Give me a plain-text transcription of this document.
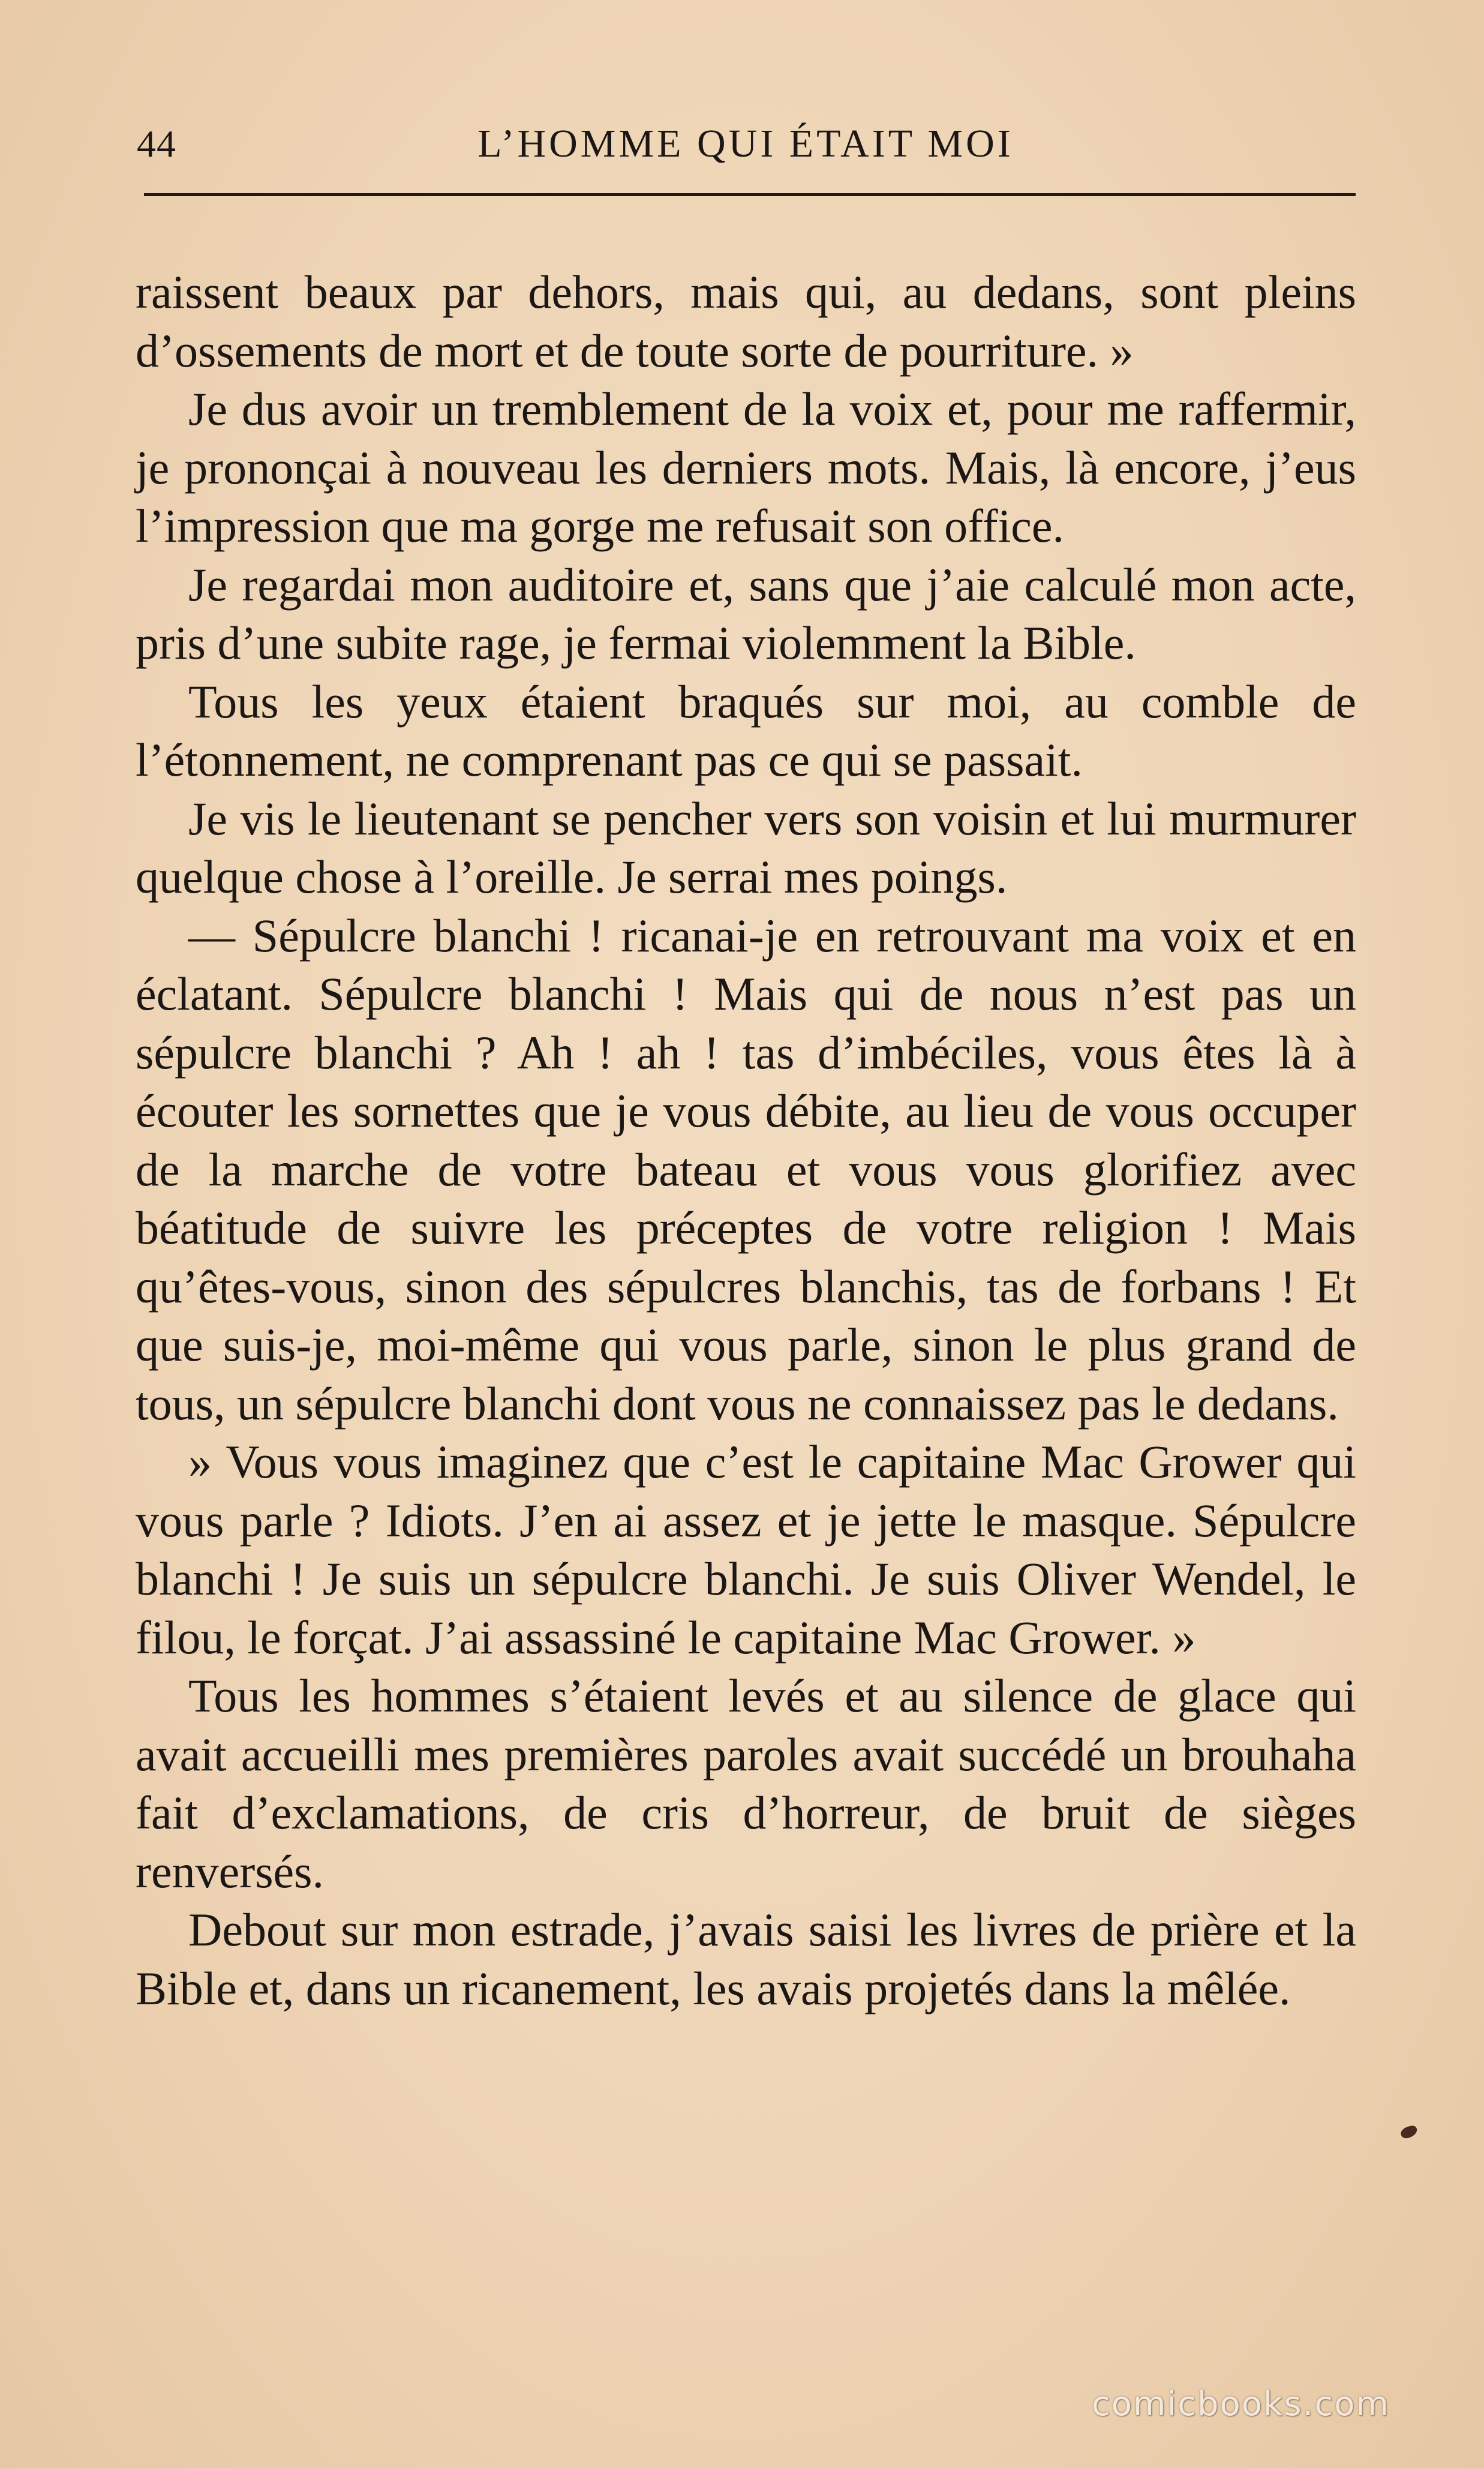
44	L’HOMME QUI ÉTAIT MOI

raissent beaux par dehors, mais qui, au dedans, sont pleins d’ossements de mort et de toute sorte de pourriture. »

Je dus avoir un tremblement de la voix et, pour me raffermir, je prononçai à nouveau les derniers mots. Mais, là encore, j’eus l’impression que ma gorge me refusait son office.

Je regardai mon auditoire et, sans que j’aie calculé mon acte, pris d’une subite rage, je fermai violemment la Bible.

Tous les yeux étaient braqués sur moi, au comble de l’étonnement, ne comprenant pas ce qui se passait.

Je vis le lieutenant se pencher vers son voisin et lui murmurer quelque chose à l’oreille. Je serrai mes poings.

— Sépulcre blanchi ! ricanai-je en retrouvant ma voix et en éclatant. Sépulcre blanchi ! Mais qui de nous n’est pas un sépulcre blanchi ? Ah ! ah ! tas d’imbéciles, vous êtes là à écouter les sornettes que je vous débite, au lieu de vous occuper de la marche de votre bateau et vous vous glorifiez avec béatitude de suivre les préceptes de votre religion ! Mais qu’êtes-vous, sinon des sépulcres blanchis, tas de forbans ! Et que suis-je, moi-même qui vous parle, sinon le plus grand de tous, un sépulcre blanchi dont vous ne connaissez pas le dedans.

» Vous vous imaginez que c’est le capitaine Mac Grower qui vous parle ? Idiots. J’en ai assez et je jette le masque. Sépulcre blanchi ! Je suis un sépulcre blanchi. Je suis Oliver Wendel, le filou, le forçat. J’ai assassiné le capitaine Mac Grower. »

Tous les hommes s’étaient levés et au silence de glace qui avait accueilli mes premières paroles avait succédé un brouhaha fait d’exclamations, de cris d’horreur, de bruit de sièges renversés.

Debout sur mon estrade, j’avais saisi les livres de prière et la Bible et, dans un ricanement, les avais projetés dans la mêlée.

comicbooks.com
